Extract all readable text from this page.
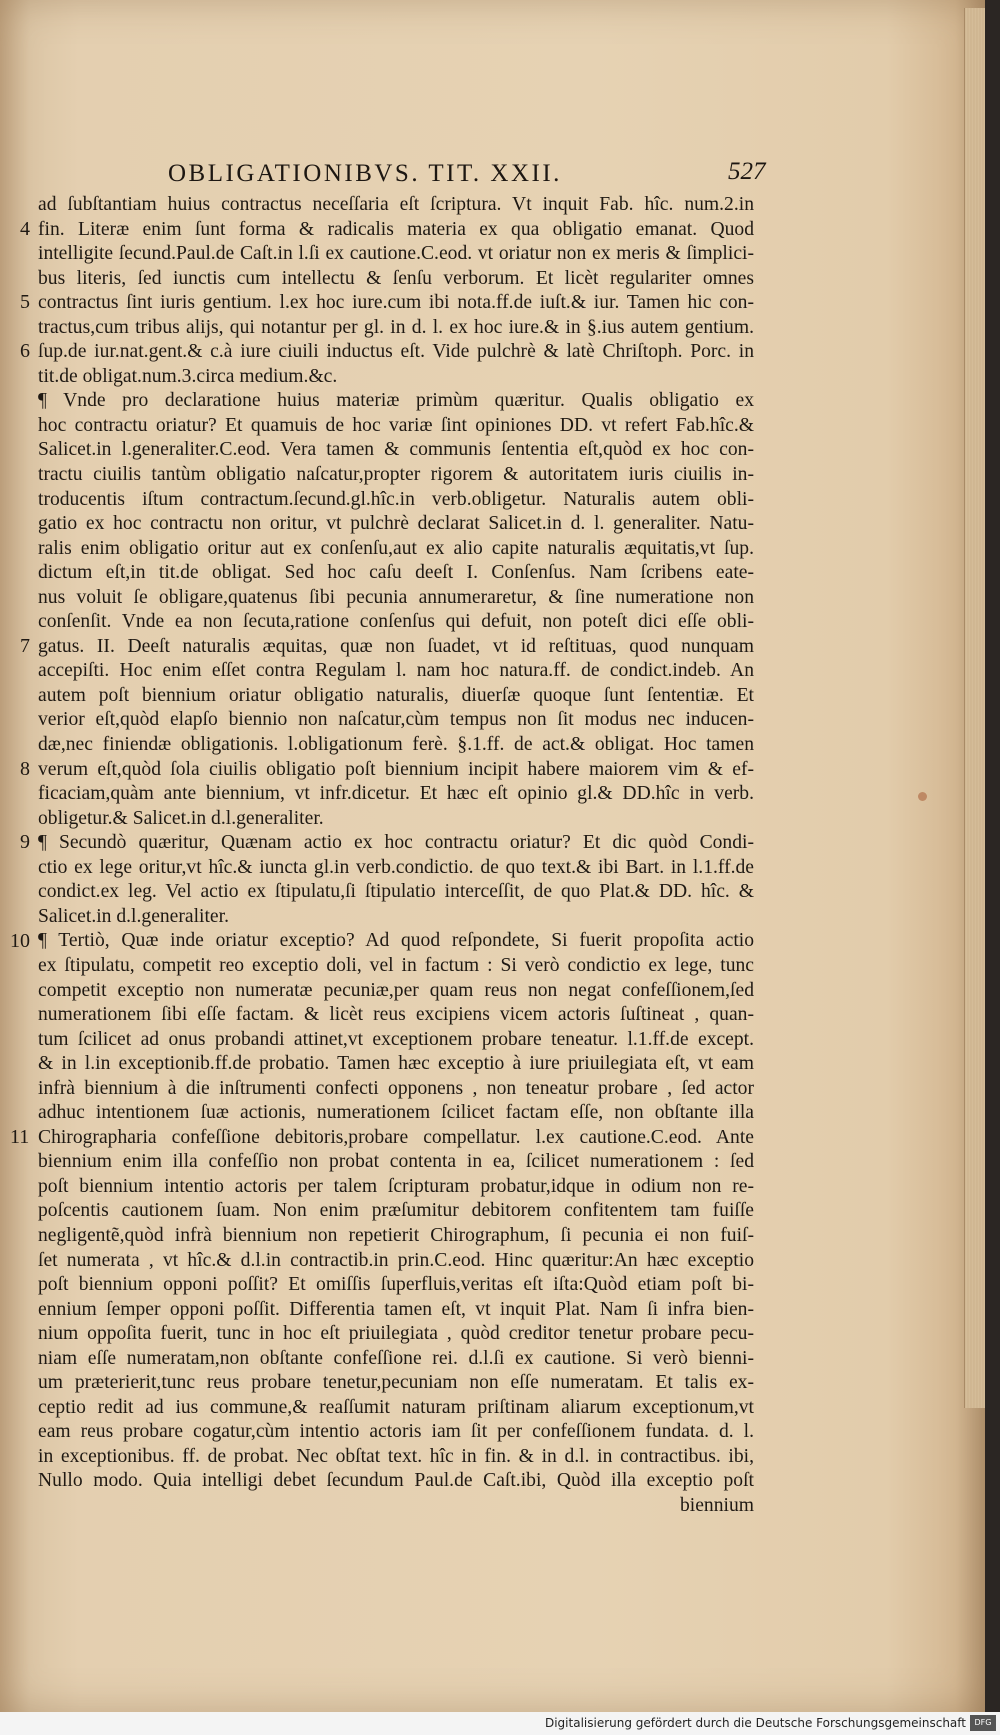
OBLIGATIONIBVS. TIT. XXII.	527
4
5
6
7
8
9
10
11
ad ſubſtantiam huius contractus neceſſaria eſt ſcriptura. Vt inquit Fab. hîc. num.2.in
fin. Literæ enim ſunt forma & radicalis materia ex qua obligatio emanat. Quod
intelligite ſecund.Paul.de Caſt.in l.ſi ex cautione.C.eod. vt oriatur non ex meris & ſimplici-
bus literis, ſed iunctis cum intellectu & ſenſu verborum. Et licèt regulariter omnes
contractus ſint iuris gentium. l.ex hoc iure.cum ibi nota.ff.de iuſt.& iur. Tamen hic con-
tractus,cum tribus alijs, qui notantur per gl. in d. l. ex hoc iure.& in §.ius autem gentium.
ſup.de iur.nat.gent.& c.à iure ciuili inductus eſt. Vide pulchrè & latè Chriſtoph. Porc. in
tit.de obligat.num.3.circa medium.&c.
¶ Vnde pro declaratione huius materiæ primùm quæritur. Qualis obligatio ex
hoc contractu oriatur? Et quamuis de hoc variæ ſint opiniones DD. vt refert Fab.hîc.&
Salicet.in l.generaliter.C.eod. Vera tamen & communis ſententia eſt,quòd ex hoc con-
tractu ciuilis tantùm obligatio naſcatur,propter rigorem & autoritatem iuris ciuilis in-
troducentis iſtum contractum.ſecund.gl.hîc.in verb.obligetur. Naturalis autem obli-
gatio ex hoc contractu non oritur, vt pulchrè declarat Salicet.in d. l. generaliter. Natu-
ralis enim obligatio oritur aut ex conſenſu,aut ex alio capite naturalis æquitatis,vt ſup.
dictum eſt,in tit.de obligat. Sed hoc caſu deeſt I. Conſenſus. Nam ſcribens eate-
nus voluit ſe obligare,quatenus ſibi pecunia annumeraretur, & ſine numeratione non
conſenſit. Vnde ea non ſecuta,ratione conſenſus qui defuit, non poteſt dici eſſe obli-
gatus. II. Deeſt naturalis æquitas, quæ non ſuadet, vt id reſtituas, quod nunquam
accepiſti. Hoc enim eſſet contra Regulam l. nam hoc natura.ff. de condict.indeb. An
autem poſt biennium oriatur obligatio naturalis, diuerſæ quoque ſunt ſententiæ. Et
verior eſt,quòd elapſo biennio non naſcatur,cùm tempus non ſit modus nec inducen-
dæ,nec finiendæ obligationis. l.obligationum ferè. §.1.ff. de act.& obligat. Hoc tamen
verum eſt,quòd ſola ciuilis obligatio poſt biennium incipit habere maiorem vim & ef-
ficaciam,quàm ante biennium, vt infr.dicetur. Et hæc eſt opinio gl.& DD.hîc in verb.
obligetur.& Salicet.in d.l.generaliter.
¶ Secundò quæritur, Quænam actio ex hoc contractu oriatur? Et dic quòd Condi-
ctio ex lege oritur,vt hîc.& iuncta gl.in verb.condictio. de quo text.& ibi Bart. in l.1.ff.de
condict.ex leg. Vel actio ex ſtipulatu,ſi ſtipulatio interceſſit, de quo Plat.& DD. hîc. &
Salicet.in d.l.generaliter.
¶ Tertiò, Quæ inde oriatur exceptio? Ad quod reſpondete, Si fuerit propoſita actio
ex ſtipulatu, competit reo exceptio doli, vel in factum : Si verò condictio ex lege, tunc
competit exceptio non numeratæ pecuniæ,per quam reus non negat confeſſionem,ſed
numerationem ſibi eſſe factam. & licèt reus excipiens vicem actoris ſuſtineat , quan-
tum ſcilicet ad onus probandi attinet,vt exceptionem probare teneatur. l.1.ff.de except.
& in l.in exceptionib.ff.de probatio. Tamen hæc exceptio à iure priuilegiata eſt, vt eam
infrà biennium à die inſtrumenti confecti opponens , non teneatur probare , ſed actor
adhuc intentionem ſuæ actionis, numerationem ſcilicet factam eſſe, non obſtante illa
Chirographaria confeſſione debitoris,probare compellatur. l.ex cautione.C.eod. Ante
biennium enim illa confeſſio non probat contenta in ea, ſcilicet numerationem : ſed
poſt biennium intentio actoris per talem ſcripturam probatur,idque in odium non re-
poſcentis cautionem ſuam. Non enim præſumitur debitorem confitentem tam fuiſſe
negligentẽ,quòd infrà biennium non repetierit Chirographum, ſi pecunia ei non fuiſ-
ſet numerata , vt hîc.& d.l.in contractib.in prin.C.eod. Hinc quæritur:An hæc exceptio
poſt biennium opponi poſſit? Et omiſſis ſuperfluis,veritas eſt iſta:Quòd etiam poſt bi-
ennium ſemper opponi poſſit. Differentia tamen eſt, vt inquit Plat. Nam ſi infra bien-
nium oppoſita fuerit, tunc in hoc eſt priuilegiata , quòd creditor tenetur probare pecu-
niam eſſe numeratam,non obſtante confeſſione rei. d.l.ſi ex cautione. Si verò bienni-
um præterierit,tunc reus probare tenetur,pecuniam non eſſe numeratam. Et talis ex-
ceptio redit ad ius commune,& reaſſumit naturam priſtinam aliarum exceptionum,vt
eam reus probare cogatur,cùm intentio actoris iam ſit per confeſſionem fundata. d. l.
in exceptionibus. ff. de probat. Nec obſtat text. hîc in fin. & in d.l. in contractibus. ibi,
Nullo modo. Quia intelligi debet ſecundum Paul.de Caſt.ibi, Quòd illa exceptio poſt
biennium
Digitalisierung gefördert durch die Deutsche Forschungsgemeinschaft	DFG
